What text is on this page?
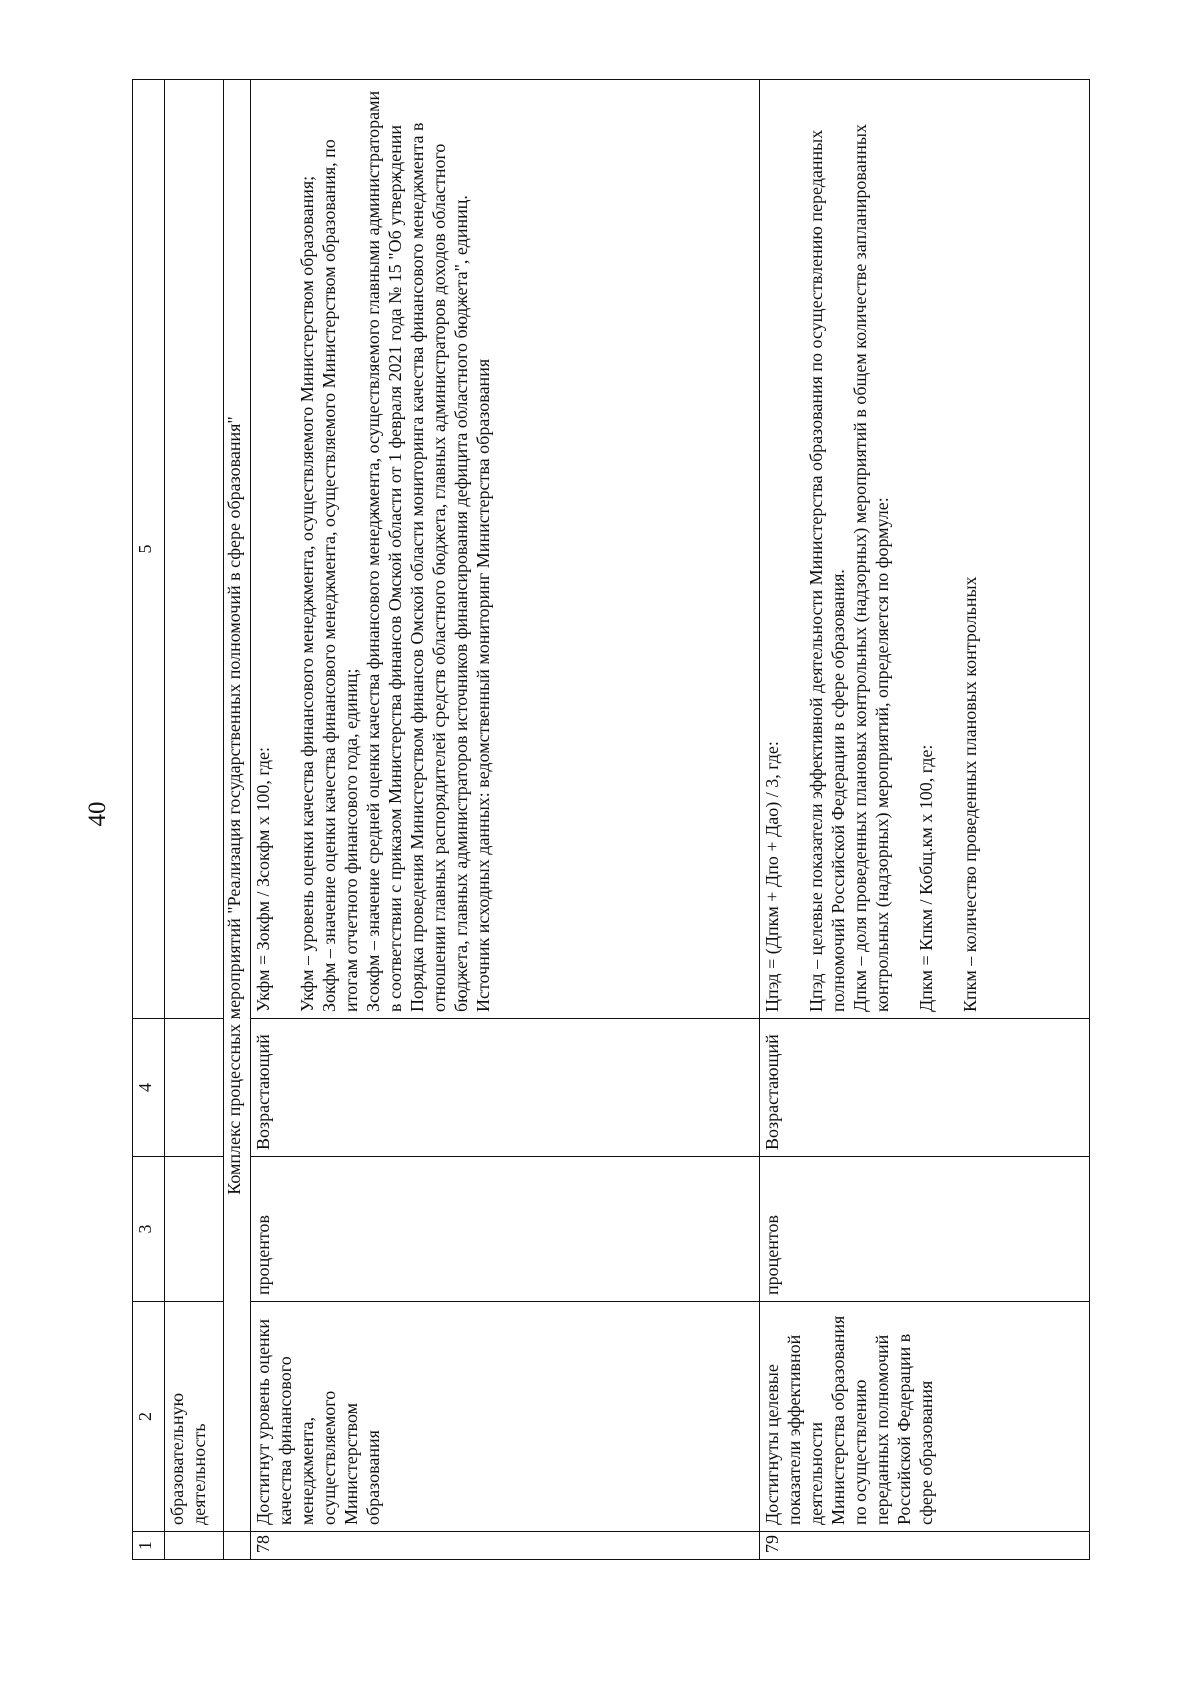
40
1	2	3	4	5
	образовательную деятельность			
	Комплекс процессных мероприятий "Реализация государственных полномочий в сфере образования"			
78	Достигнут уровень оценки качества финансового менеджмента, осуществляемого Министерством образования	процентов	Возрастающий	Укфм = Зокфм / Зсокфм x 100, где: Укфм – уровень оценки качества финансового менеджмента, осуществляемого Министерством образования; Зокфм – значение оценки качества финансового менеджмента, осуществляемого Министерством образования, по итогам отчетного финансового года, единиц; Зсокфм – значение средней оценки качества финансового менеджмента, осуществляемого главными администраторами в соответствии с приказом Министерства финансов Омской области от 1 февраля 2021 года № 15 "Об утверждении Порядка проведения Министерством финансов Омской области мониторинга качества финансового менеджмента в отношении главных распорядителей средств областного бюджета, главных администраторов доходов областного бюджета, главных администраторов источников финансирования дефицита областного бюджета", единиц. Источник исходных данных: ведомственный мониторинг Министерства образования

79	Достигнуты целевые показатели эффективной деятельности Министерства образования по осуществлению переданных полномочий Российской Федерации в сфере образования	процентов	Возрастающий	Цпэд = (Дпкм + Дпо + Дао) / 3, где: Цпэд – целевые показатели эффективной деятельности Министерства образования по осуществлению переданных полномочий Российской Федерации в сфере образования. Дпкм – доля проведенных плановых контрольных (надзорных) мероприятий в общем количестве запланированных контрольных (надзорных) мероприятий, определяется по формуле: Дпкм = Кпкм / Кобщ.км x 100, где: Кпкм – количество проведенных плановых контрольных
